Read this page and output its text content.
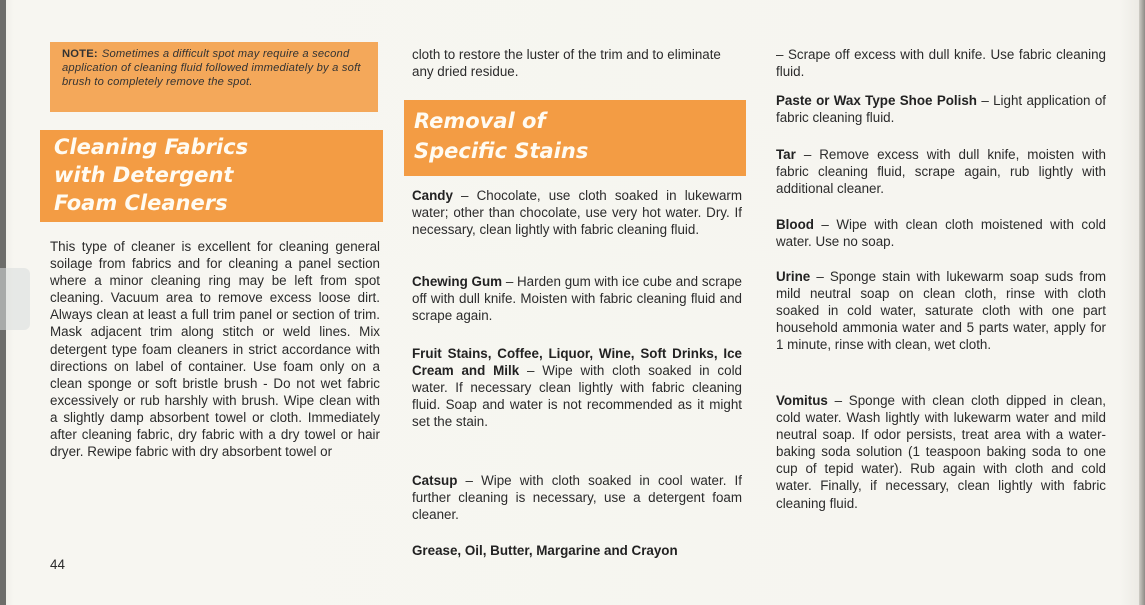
NOTE: Sometimes a difficult spot may require a second application of cleaning fluid followed immediately by a soft brush to completely remove the spot.
Cleaning Fabrics
with Detergent
Foam Cleaners
This type of cleaner is excellent for cleaning general soilage from fabrics and for cleaning a panel section where a minor cleaning ring may be left from spot cleaning. Vacuum area to remove excess loose dirt. Always clean at least a full trim panel or section of trim. Mask adjacent trim along stitch or weld lines. Mix detergent type foam cleaners in strict accordance with directions on label of container. Use foam only on a clean sponge or soft bristle brush - Do not wet fabric excessively or rub harshly with brush. Wipe clean with a slightly damp absorbent towel or cloth. Immediately after cleaning fabric, dry fabric with a dry towel or hair dryer. Rewipe fabric with dry absorbent towel or
44
cloth to restore the luster of the trim and to eliminate any dried residue.
Removal of
Specific Stains
Candy – Chocolate, use cloth soaked in lukewarm water; other than chocolate, use very hot water. Dry. If necessary, clean lightly with fabric cleaning fluid.
Chewing Gum – Harden gum with ice cube and scrape off with dull knife. Moisten with fabric cleaning fluid and scrape again.
Fruit Stains, Coffee, Liquor, Wine, Soft Drinks, Ice Cream and Milk – Wipe with cloth soaked in cold water. If necessary clean lightly with fabric cleaning fluid. Soap and water is not recommended as it might set the stain.
Catsup – Wipe with cloth soaked in cool water. If further cleaning is necessary, use a detergent foam cleaner.
Grease, Oil, Butter, Margarine and Crayon
– Scrape off excess with dull knife. Use fabric cleaning fluid.
Paste or Wax Type Shoe Polish – Light application of fabric cleaning fluid.
Tar – Remove excess with dull knife, moisten with fabric cleaning fluid, scrape again, rub lightly with additional cleaner.
Blood – Wipe with clean cloth moistened with cold water. Use no soap.
Urine – Sponge stain with lukewarm soap suds from mild neutral soap on clean cloth, rinse with cloth soaked in cold water, saturate cloth with one part household ammonia water and 5 parts water, apply for 1 minute, rinse with clean, wet cloth.
Vomitus – Sponge with clean cloth dipped in clean, cold water. Wash lightly with lukewarm water and mild neutral soap. If odor persists, treat area with a water-baking soda solution (1 teaspoon baking soda to one cup of tepid water). Rub again with cloth and cold water. Finally, if necessary, clean lightly with fabric cleaning fluid.
